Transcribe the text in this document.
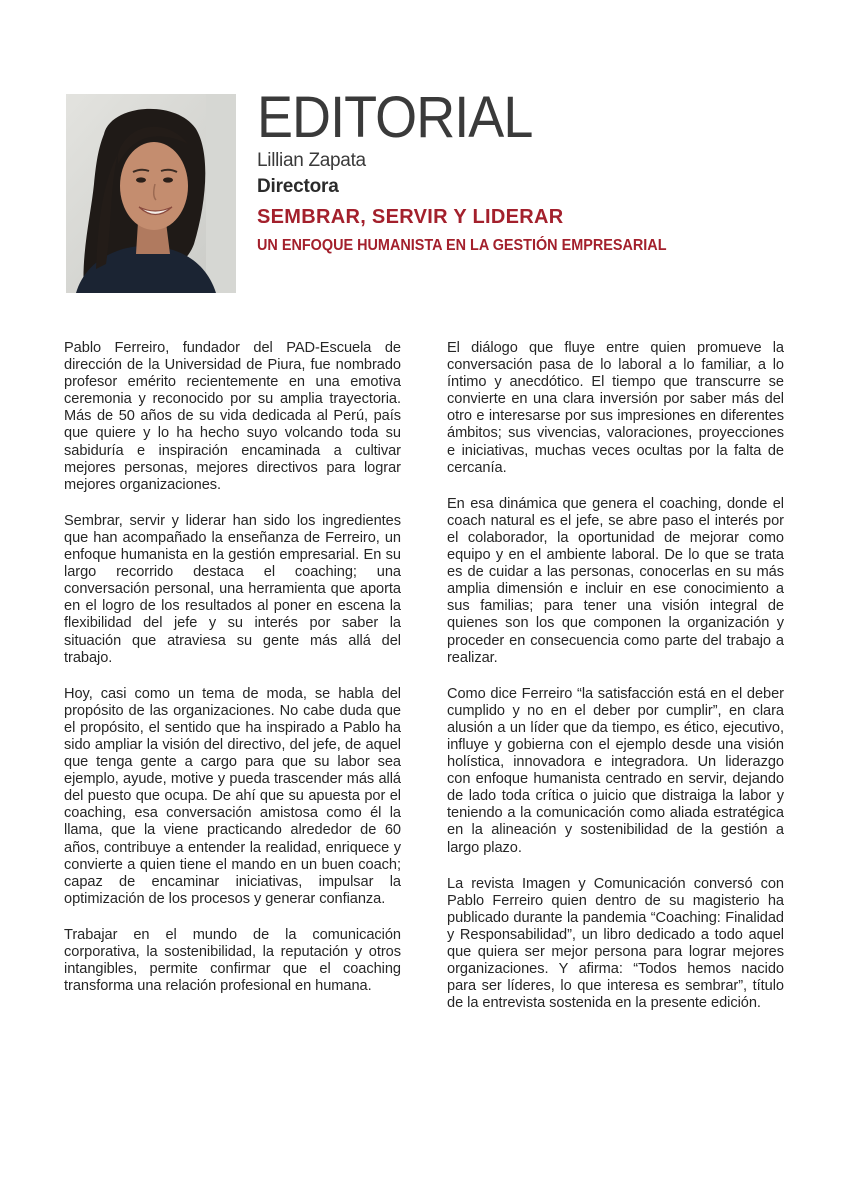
EDITORIAL
Lillian Zapata
Directora
SEMBRAR, SERVIR Y LIDERAR
UN ENFOQUE HUMANISTA EN LA GESTIÓN EMPRESARIAL

Pablo Ferreiro, fundador del PAD-Escuela de dirección de la Universidad de Piura, fue nombrado profesor emérito recientemente en una emotiva ceremonia y reconocido por su amplia trayectoria. Más de 50 años de su vida dedicada al Perú, país que quiere y lo ha hecho suyo volcando toda su sabiduría e inspiración encaminada a cultivar mejores personas, mejores directivos para lograr mejores organizaciones.

Sembrar, servir y liderar han sido los ingredientes que han acompañado la enseñanza de Ferreiro, un enfoque humanista en la gestión empresarial. En su largo recorrido destaca el coaching; una conversación personal, una herramienta que aporta en el logro de los resultados al poner en escena la flexibilidad del jefe y su interés por saber la situación que atraviesa su gente más allá del trabajo.

Hoy, casi como un tema de moda, se habla del propósito de las organizaciones. No cabe duda que el propósito, el sentido que ha inspirado a Pablo ha sido ampliar la visión del directivo, del jefe, de aquel que tenga gente a cargo para que su labor sea ejemplo, ayude, motive y pueda trascender más allá del puesto que ocupa. De ahí que su apuesta por el coaching, esa conversación amistosa como él la llama, que la viene practicando alrededor de 60 años, contribuye a entender la realidad, enriquece y convierte a quien tiene el mando en un buen coach; capaz de encaminar iniciativas, impulsar la optimización de los procesos y generar confianza.

Trabajar en el mundo de la comunicación corporativa, la sostenibilidad, la reputación y otros intangibles, permite confirmar que el coaching transforma una relación profesional en humana.

El diálogo que fluye entre quien promueve la conversación pasa de lo laboral a lo familiar, a lo íntimo y anecdótico. El tiempo que transcurre se convierte en una clara inversión por saber más del otro e interesarse por sus impresiones en diferentes ámbitos; sus vivencias, valoraciones, proyecciones e iniciativas, muchas veces ocultas por la falta de cercanía.

En esa dinámica que genera el coaching, donde el coach natural es el jefe, se abre paso el interés por el colaborador, la oportunidad de mejorar como equipo y en el ambiente laboral. De lo que se trata es de cuidar a las personas, conocerlas en su más amplia dimensión e incluir en ese conocimiento a sus familias; para tener una visión integral de quienes son los que componen la organización y proceder en consecuencia como parte del trabajo a realizar.

Como dice Ferreiro “la satisfacción está en el deber cumplido y no en el deber por cumplir”, en clara alusión a un líder que da tiempo, es ético, ejecutivo, influye y gobierna con el ejemplo desde una visión holística, innovadora e integradora. Un liderazgo con enfoque humanista centrado en servir, dejando de lado toda crítica o juicio que distraiga la labor y teniendo a la comunicación como aliada estratégica en la alineación y sostenibilidad de la gestión a largo plazo.

La revista Imagen y Comunicación conversó con Pablo Ferreiro quien dentro de su magisterio ha publicado durante la pandemia “Coaching: Finalidad y Responsabilidad”, un libro dedicado a todo aquel que quiera ser mejor persona para lograr mejores organizaciones. Y afirma: “Todos hemos nacido para ser líderes, lo que interesa es sembrar”, título de la entrevista sostenida en la presente edición.
